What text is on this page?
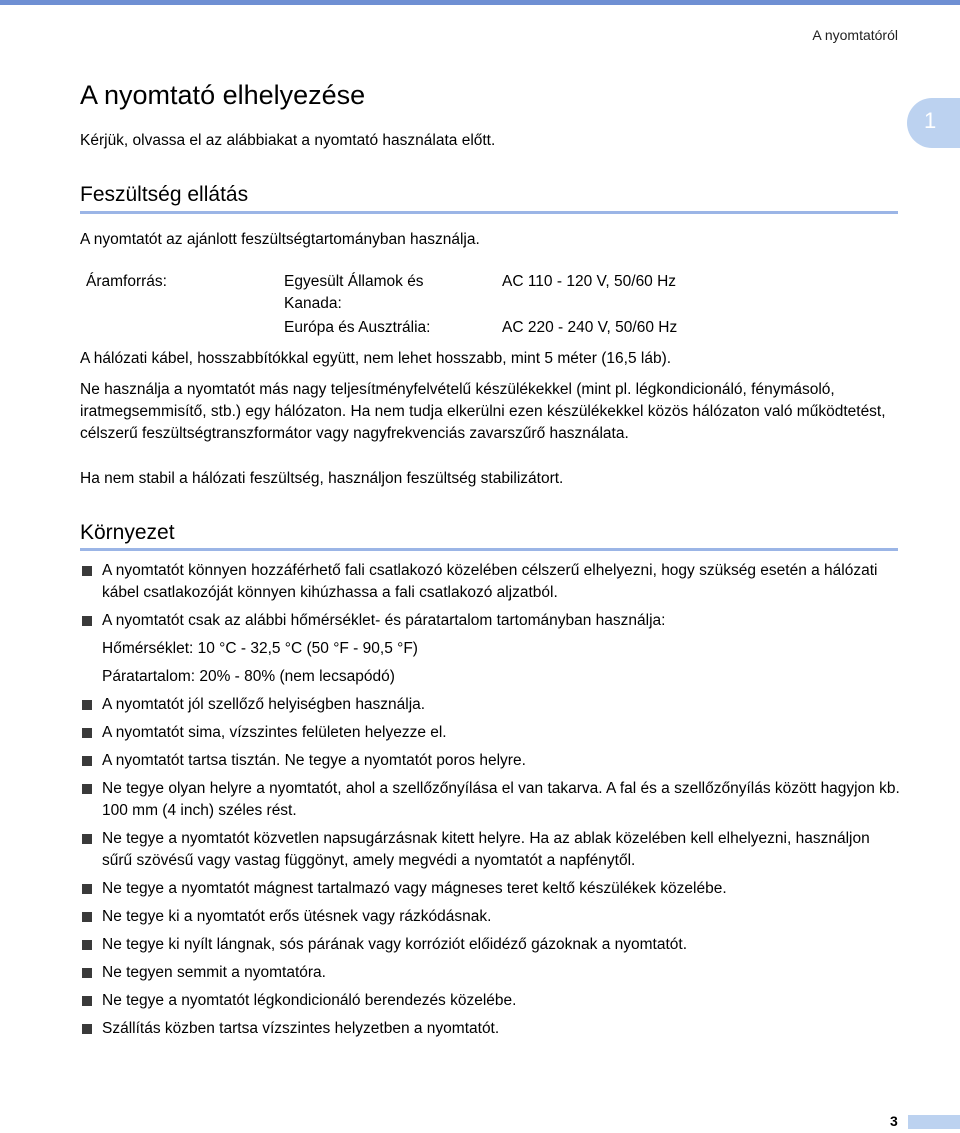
A nyomtatóról
1
A nyomtató elhelyezése

Kérjük, olvassa el az alábbiakat a nyomtató használata előtt.

Feszültség ellátás

A nyomtatót az ajánlott feszültségtartományban használja.

Áramforrás:	Egyesült Államok és
Kanada:
AC 110 - 120 V, 50/60 Hz
Európa és Ausztrália:	AC 220 - 240 V, 50/60 Hz

A hálózati kábel, hosszabbítókkal együtt, nem lehet hosszabb, mint 5 méter (16,5 láb).

Ne használja a nyomtatót más nagy teljesítményfelvételű készülékekkel (mint pl. légkondicionáló, fénymásoló, iratmegsemmisítő, stb.) egy hálózaton. Ha nem tudja elkerülni ezen készülékekkel közös hálózaton való működtetést, célszerű feszültségtranszformátor vagy nagyfrekvenciás zavarszűrő használata.

Ha nem stabil a hálózati feszültség, használjon feszültség stabilizátort.

Környezet
A nyomtatót könnyen hozzáférhető fali csatlakozó közelében célszerű elhelyezni, hogy szükség esetén a hálózati kábel csatlakozóját könnyen kihúzhassa a fali csatlakozó aljzatból.
A nyomtatót csak az alábbi hőmérséklet- és páratartalom tartományban használja:
Hőmérséklet: 10 °C - 32,5 °C (50 °F - 90,5 °F)
Páratartalom: 20% - 80% (nem lecsapódó)
A nyomtatót jól szellőző helyiségben használja.
A nyomtatót sima, vízszintes felületen helyezze el.
A nyomtatót tartsa tisztán. Ne tegye a nyomtatót poros helyre.
Ne tegye olyan helyre a nyomtatót, ahol a szellőzőnyílása el van takarva. A fal és a szellőzőnyílás között hagyjon kb. 100 mm (4 inch) széles rést.
Ne tegye a nyomtatót közvetlen napsugárzásnak kitett helyre. Ha az ablak közelében kell elhelyezni, használjon sűrű szövésű vagy vastag függönyt, amely megvédi a nyomtatót a napfénytől.
Ne tegye a nyomtatót mágnest tartalmazó vagy mágneses teret keltő készülékek közelébe.
Ne tegye ki a nyomtatót erős ütésnek vagy rázkódásnak.
Ne tegye ki nyílt lángnak, sós párának vagy korróziót előidéző gázoknak a nyomtatót.
Ne tegyen semmit a nyomtatóra.
Ne tegye a nyomtatót légkondicionáló berendezés közelébe.
Szállítás közben tartsa vízszintes helyzetben a nyomtatót.
3
